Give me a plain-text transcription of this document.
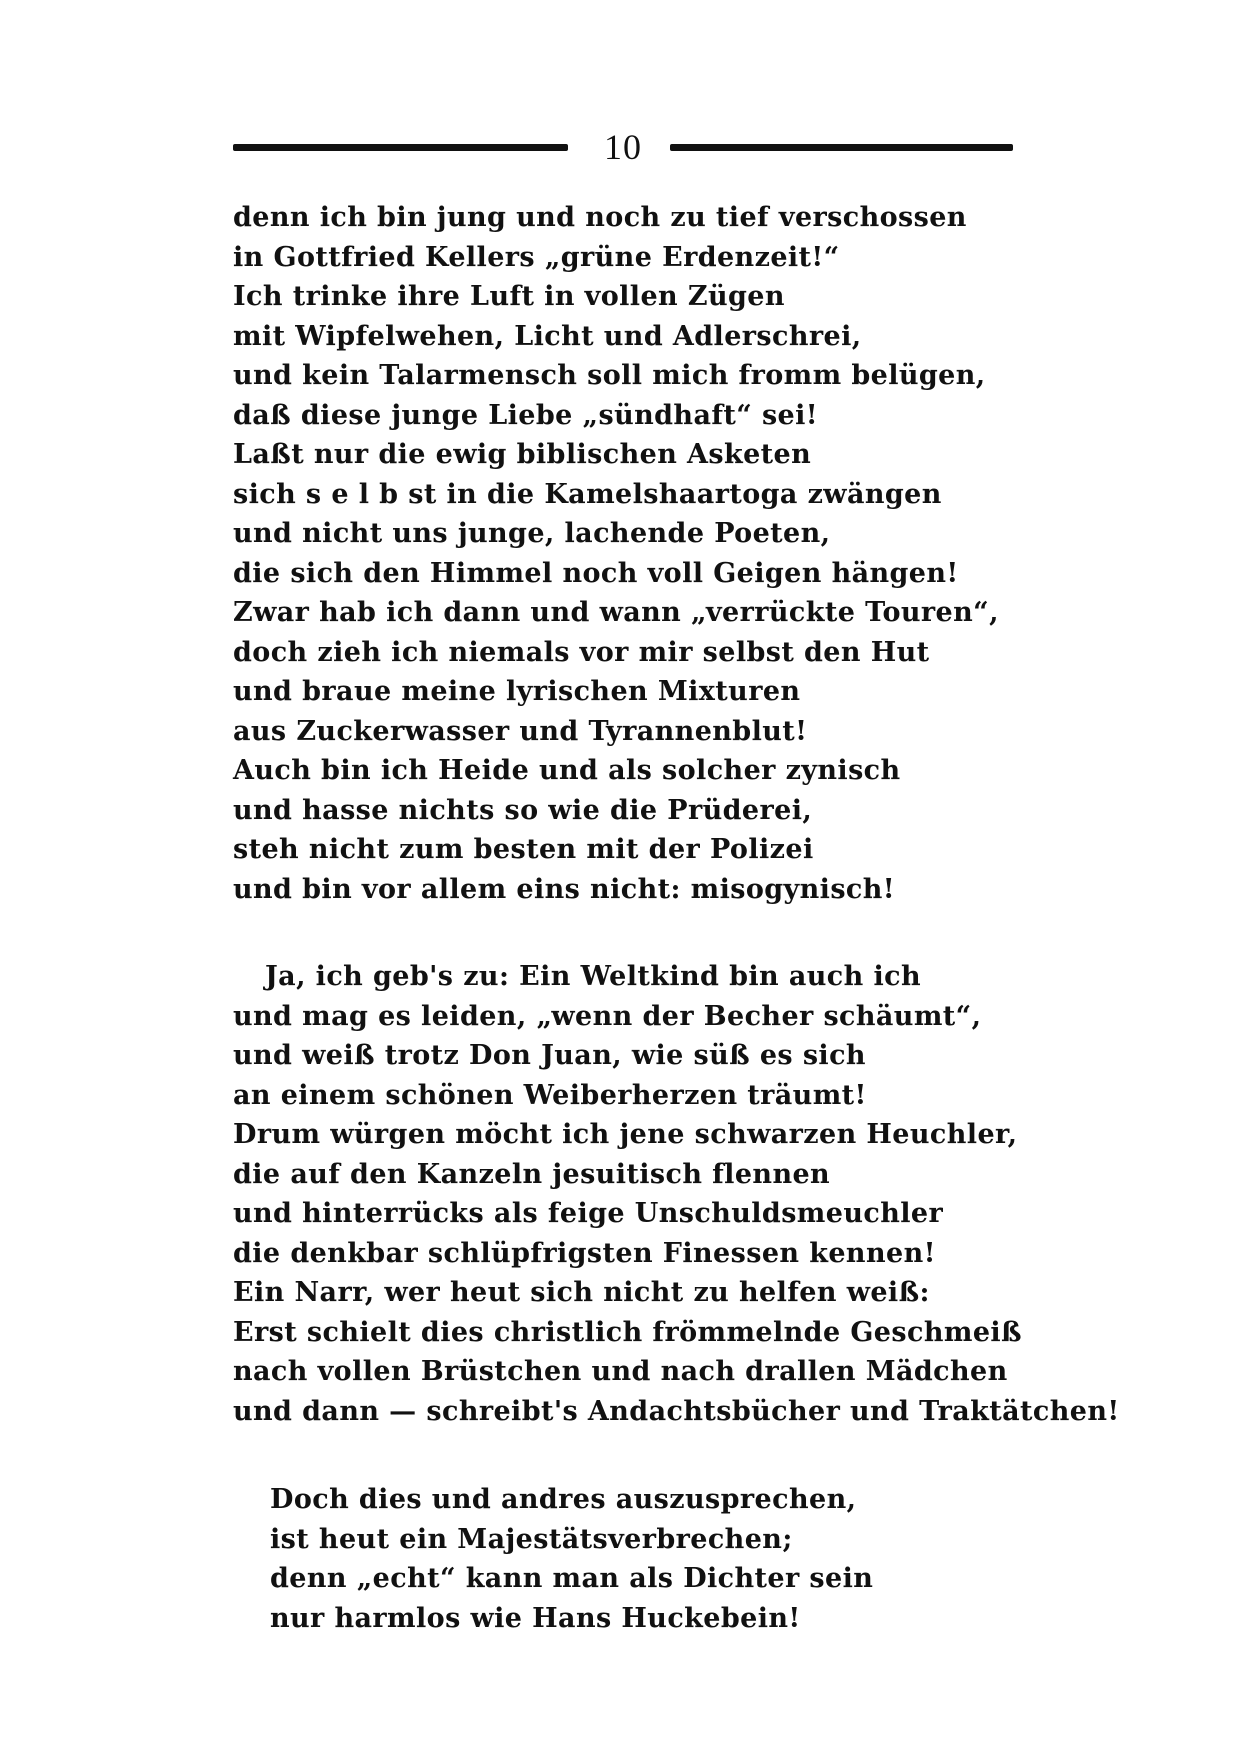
10
denn ich bin jung und noch zu tief verschossen
in Gottfried Kellers „grüne Erdenzeit!“
Ich trinke ihre Luft in vollen Zügen
mit Wipfelwehen, Licht und Adlerschrei,
und kein Talarmensch soll mich fromm belügen,
daß diese junge Liebe „sündhaft“ sei!
Laßt nur die ewig biblischen Asketen
sich s e l b st in die Kamelshaartoga zwängen
und nicht uns junge, lachende Poeten,
die sich den Himmel noch voll Geigen hängen!
Zwar hab ich dann und wann „verrückte Touren“,
doch zieh ich niemals vor mir selbst den Hut
und braue meine lyrischen Mixturen
aus Zuckerwasser und Tyrannenblut!
Auch bin ich Heide und als solcher zynisch
und hasse nichts so wie die Prüderei,
steh nicht zum besten mit der Polizei
und bin vor allem eins nicht: misogynisch!
Ja, ich geb's zu: Ein Weltkind bin auch ich
und mag es leiden, „wenn der Becher schäumt“,
und weiß trotz Don Juan, wie süß es sich
an einem schönen Weiberherzen träumt!
Drum würgen möcht ich jene schwarzen Heuchler,
die auf den Kanzeln jesuitisch flennen
und hinterrücks als feige Unschuldsmeuchler
die denkbar schlüpfrigsten Finessen kennen!
Ein Narr, wer heut sich nicht zu helfen weiß:
Erst schielt dies christlich frömmelnde Geschmeiß
nach vollen Brüstchen und nach drallen Mädchen
und dann — schreibt's Andachtsbücher und Traktätchen!
Doch dies und andres auszusprechen,
ist heut ein Majestätsverbrechen;
denn „echt“ kann man als Dichter sein
nur harmlos wie Hans Huckebein!
